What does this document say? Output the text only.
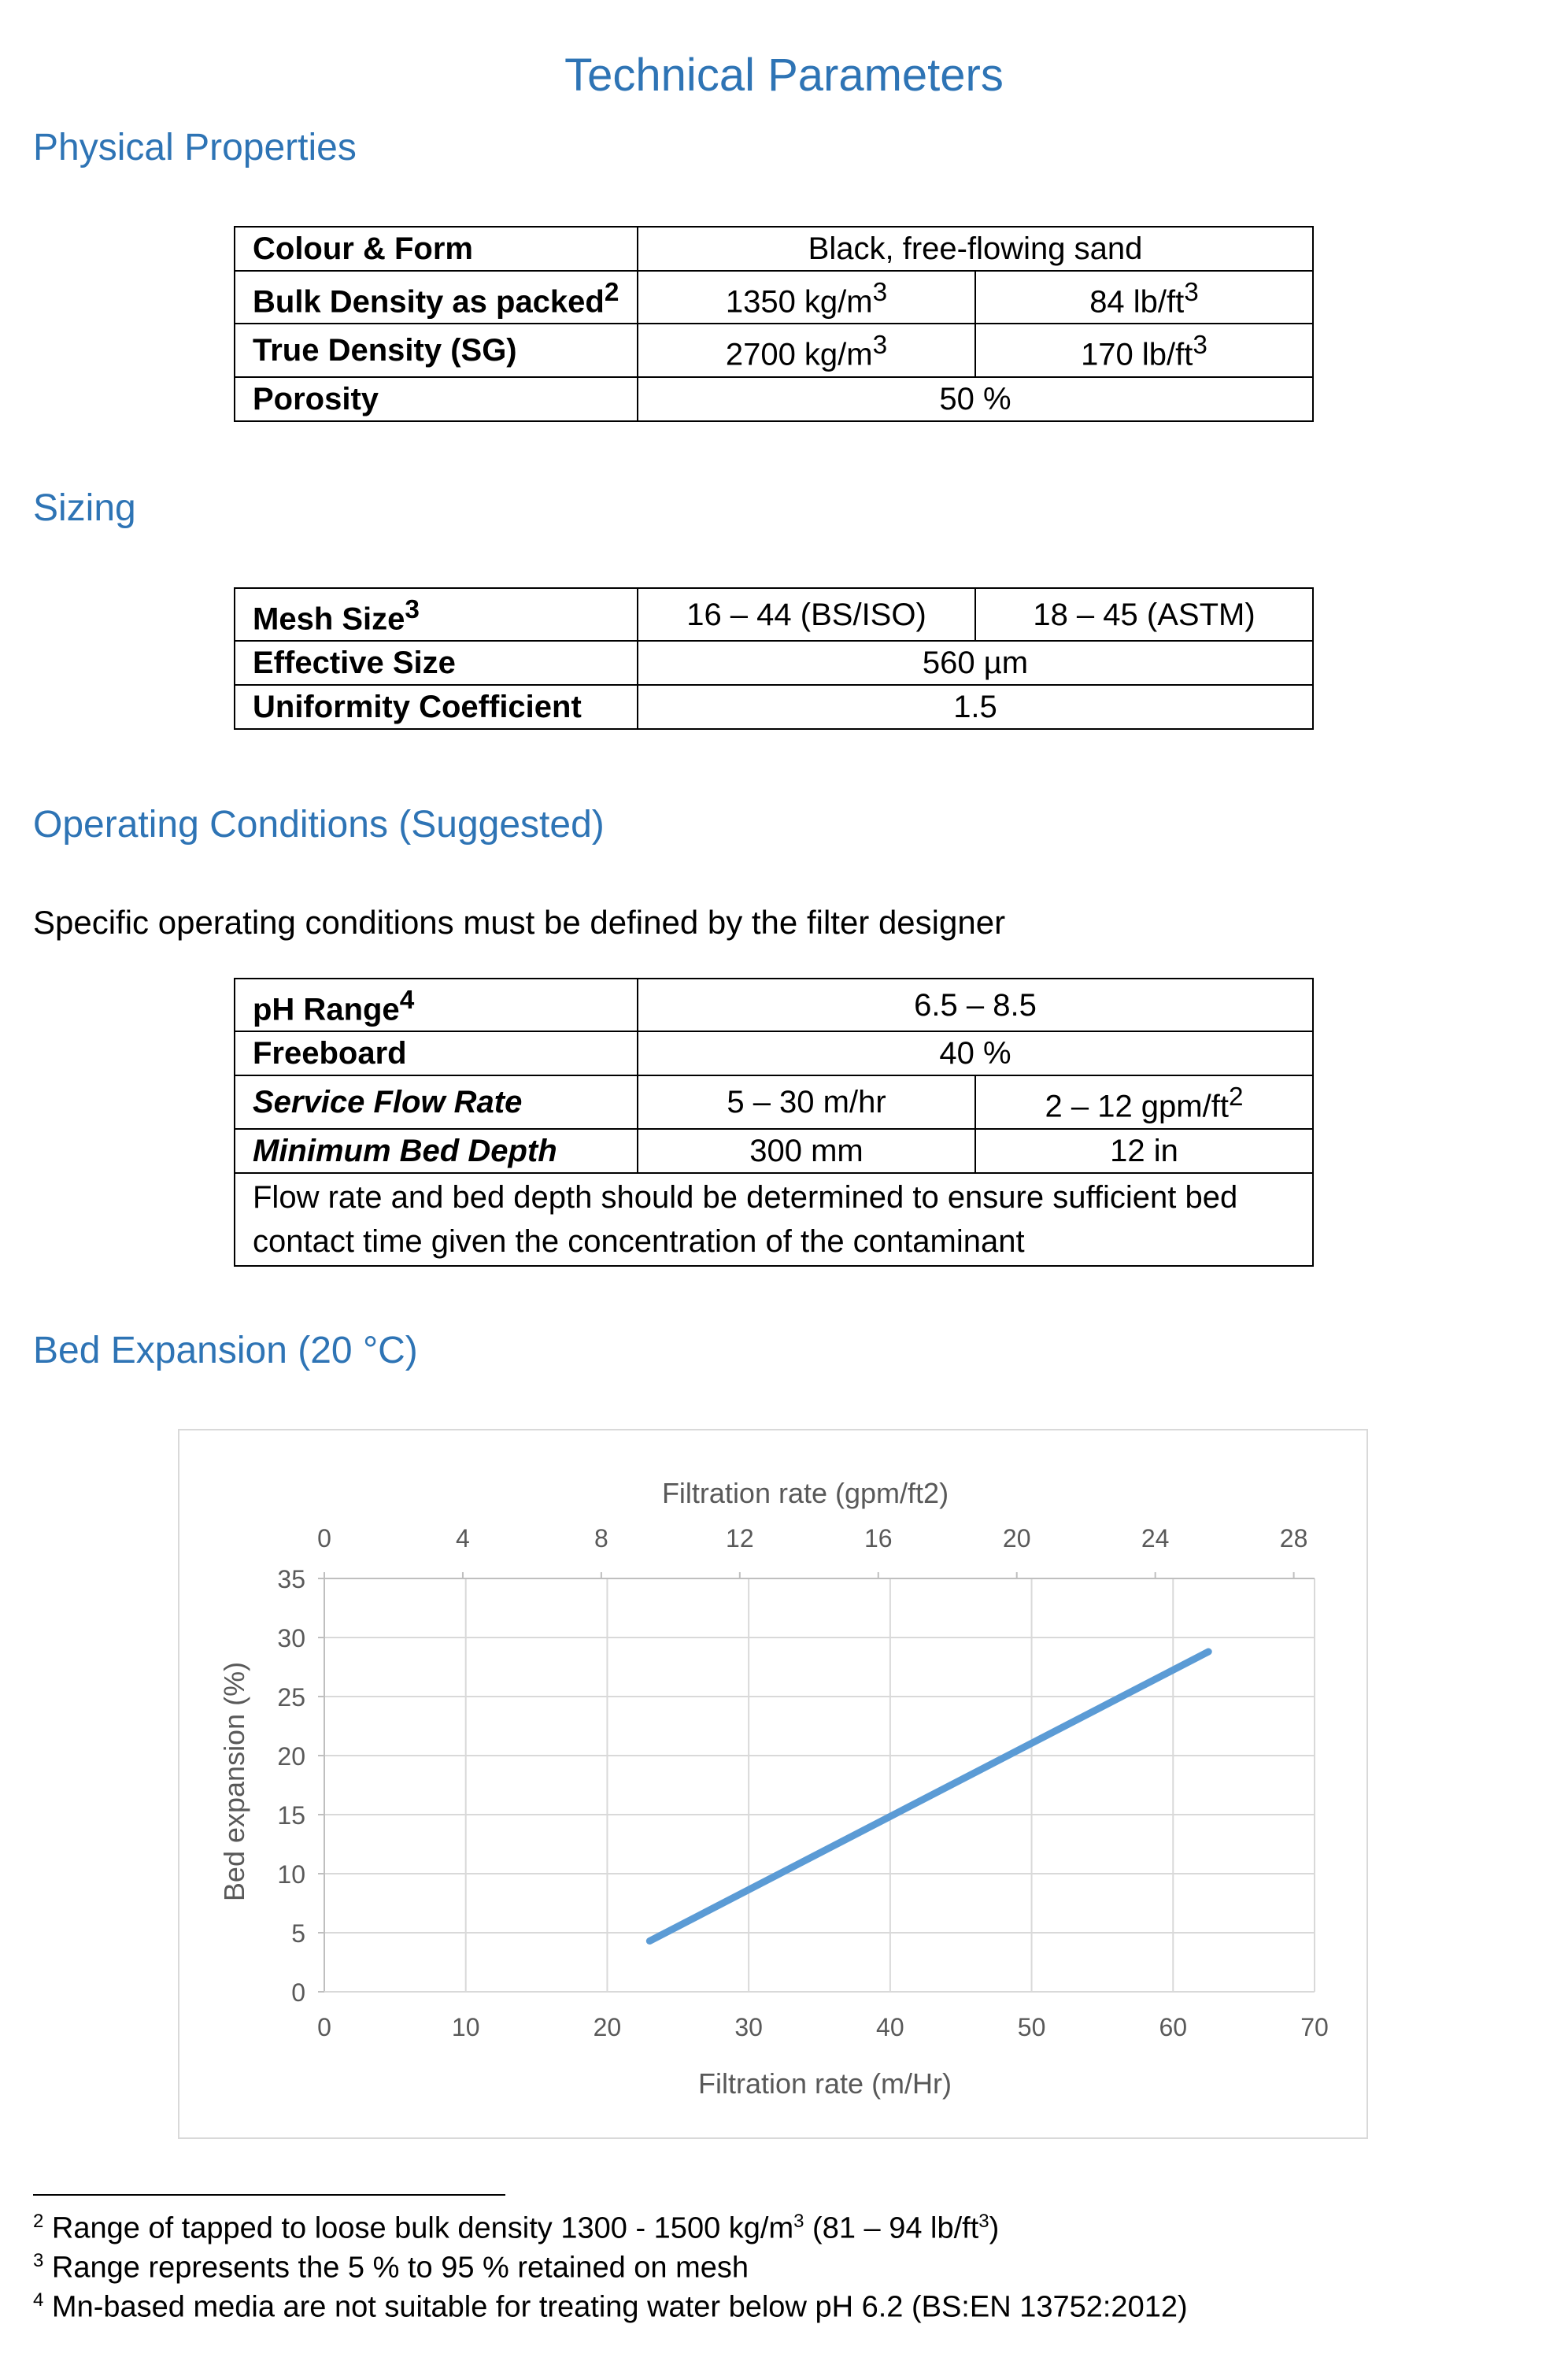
Technical Parameters
Physical Properties
Colour & Form	Black, free-flowing sand	
Bulk Density as packed$^2$	1350 $kg/m^3$	84 $lb/ft^3$
True Density (SG)	2700 $kg/m^3$	170 $lb/ft^3$
Porosity	50 %	
Sizing
Mesh Size$^3$	16 – 44 (BS/ISO)	18 – 45 (ASTM)
Effective Size	560 µm	
Uniformity Coefficient	1.5	
Operating Conditions (Suggested)

Specific operating conditions must be defined by the filter designer

pH Range$^4$	6.5 – 8.5	
Freeboard	40 %	
Service Flow Rate	5 – 30 m/hr	2 – 12 gpm/$ft^2$
Minimum Bed Depth	300 mm	12 in
Flow rate and bed depth should be determined to ensure sufficient bed contact time given the concentration of the contaminant		
Bed Expansion (20 °C)
0
5
10
15
20
25
30
35
0	10	20	30	40	50	60	70
0	4	8	12	16	20	24	28
Filtration rate (gpm/ft2)
Filtration rate (m/Hr)
Bed expansion (%)

$^2$ Range of tapped to loose bulk density 1300 - 1500 $kg/m^3$ (81 – 94 $lb/ft^3$)

$^3$ Range represents the 5 % to 95 % retained on mesh

$^4$ Mn-based media are not suitable for treating water below pH 6.2 (BS:EN 13752:2012)
